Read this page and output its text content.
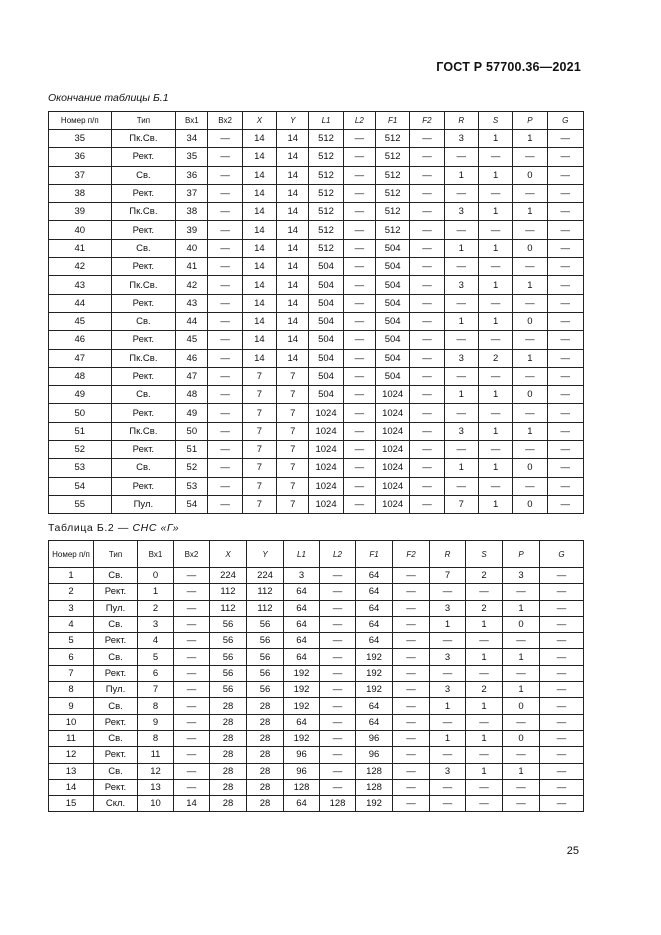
ГОСТ Р 57700.36—2021
Окончание таблицы Б.1
Номер п/п	Тип	Вх1	Вх2	X	Y	L1	L2	F1	F2	R	S	P	G
35	Пк.Св.	34	—	14	14	512	—	512	—	3	1	1	—
36	Рект.	35	—	14	14	512	—	512	—	—	—	—	—
37	Св.	36	—	14	14	512	—	512	—	1	1	0	—
38	Рект.	37	—	14	14	512	—	512	—	—	—	—	—
39	Пк.Св.	38	—	14	14	512	—	512	—	3	1	1	—
40	Рект.	39	—	14	14	512	—	512	—	—	—	—	—
41	Св.	40	—	14	14	512	—	504	—	1	1	0	—
42	Рект.	41	—	14	14	504	—	504	—	—	—	—	—
43	Пк.Св.	42	—	14	14	504	—	504	—	3	1	1	—
44	Рект.	43	—	14	14	504	—	504	—	—	—	—	—
45	Св.	44	—	14	14	504	—	504	—	1	1	0	—
46	Рект.	45	—	14	14	504	—	504	—	—	—	—	—
47	Пк.Св.	46	—	14	14	504	—	504	—	3	2	1	—
48	Рект.	47	—	7	7	504	—	504	—	—	—	—	—
49	Св.	48	—	7	7	504	—	1024	—	1	1	0	—
50	Рект.	49	—	7	7	1024	—	1024	—	—	—	—	—
51	Пк.Св.	50	—	7	7	1024	—	1024	—	3	1	1	—
52	Рект.	51	—	7	7	1024	—	1024	—	—	—	—	—
53	Св.	52	—	7	7	1024	—	1024	—	1	1	0	—
54	Рект.	53	—	7	7	1024	—	1024	—	—	—	—	—
55	Пул.	54	—	7	7	1024	—	1024	—	7	1	0	—
Таблица Б.2 — СНС «Г»
Номер п/п	Тип	Вх1	Вх2	X	Y	L1	L2	F1	F2	R	S	P	G
1	Св.	0	—	224	224	3	—	64	—	7	2	3	—
2	Рект.	1	—	112	112	64	—	64	—	—	—	—	—
3	Пул.	2	—	112	112	64	—	64	—	3	2	1	—
4	Св.	3	—	56	56	64	—	64	—	1	1	0	—
5	Рект.	4	—	56	56	64	—	64	—	—	—	—	—
6	Св.	5	—	56	56	64	—	192	—	3	1	1	—
7	Рект.	6	—	56	56	192	—	192	—	—	—	—	—
8	Пул.	7	—	56	56	192	—	192	—	3	2	1	—
9	Св.	8	—	28	28	192	—	64	—	1	1	0	—
10	Рект.	9	—	28	28	64	—	64	—	—	—	—	—
11	Св.	8	—	28	28	192	—	96	—	1	1	0	—
12	Рект.	11	—	28	28	96	—	96	—	—	—	—	—
13	Св.	12	—	28	28	96	—	128	—	3	1	1	—
14	Рект.	13	—	28	28	128	—	128	—	—	—	—	—
15	Скл.	10	14	28	28	64	128	192	—	—	—	—	—
25
